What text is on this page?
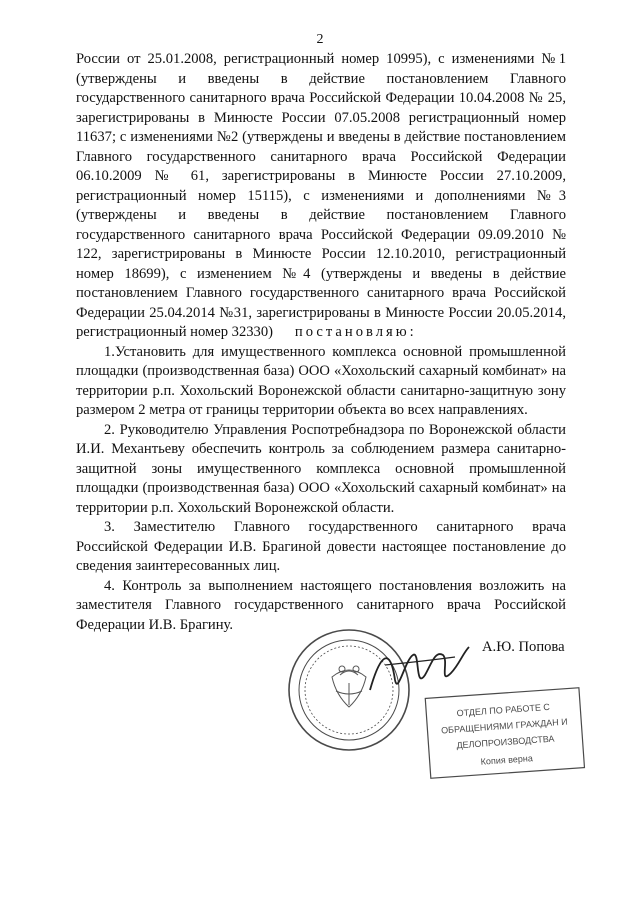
2

России от 25.01.2008, регистрационный номер 10995), с изменениями №1 (утверждены и введены в действие постановлением Главного государственного санитарного врача Российской Федерации 10.04.2008 № 25, зарегистрированы в Минюсте России 07.05.2008 регистрационный номер 11637; с изменениями №2 (утверждены и введены в действие постановлением Главного государственного санитарного врача Российской Федерации 06.10.2009 № 61, зарегистрированы в Минюсте России 27.10.2009, регистрационный номер 15115), с изменениями и дополнениями №3 (утверждены и введены в действие постановлением Главного государственного санитарного врача Российской Федерации 09.09.2010 № 122, зарегистрированы в Минюсте России 12.10.2010, регистрационный номер 18699), с изменением №4 (утверждены и введены в действие постановлением Главного государственного санитарного врача Российской Федерации 25.04.2014 №31, зарегистрированы в Минюсте России 20.05.2014, регистрационный номер 32330) постановляю:

1.Установить для имущественного комплекса основной промышленной площадки (производственная база) ООО «Хохольский сахарный комбинат» на территории р.п. Хохольский Воронежской области санитарно-защитную зону размером 2 метра от границы территории объекта во всех направлениях.

2. Руководителю Управления Роспотребнадзора по Воронежской области И.И. Механтьеву обеспечить контроль за соблюдением размера санитарно-защитной зоны имущественного комплекса основной промышленной площадки (производственная база) ООО «Хохольский сахарный комбинат» на территории р.п. Хохольский Воронежской области.

3. Заместителю Главного государственного санитарного врача Российской Федерации И.В. Брагиной довести настоящее постановление до сведения заинтересованных лиц.

4. Контроль за выполнением настоящего постановления возложить на заместителя Главного государственного санитарного врача Российской Федерации И.В. Брагину.

ОТДЕЛ ПО РАБОТЕ С
ОБРАЩЕНИЯМИ ГРАЖДАН И
ДЕЛОПРОИЗВОДСТВА
Копия верна
А.Ю. Попова
